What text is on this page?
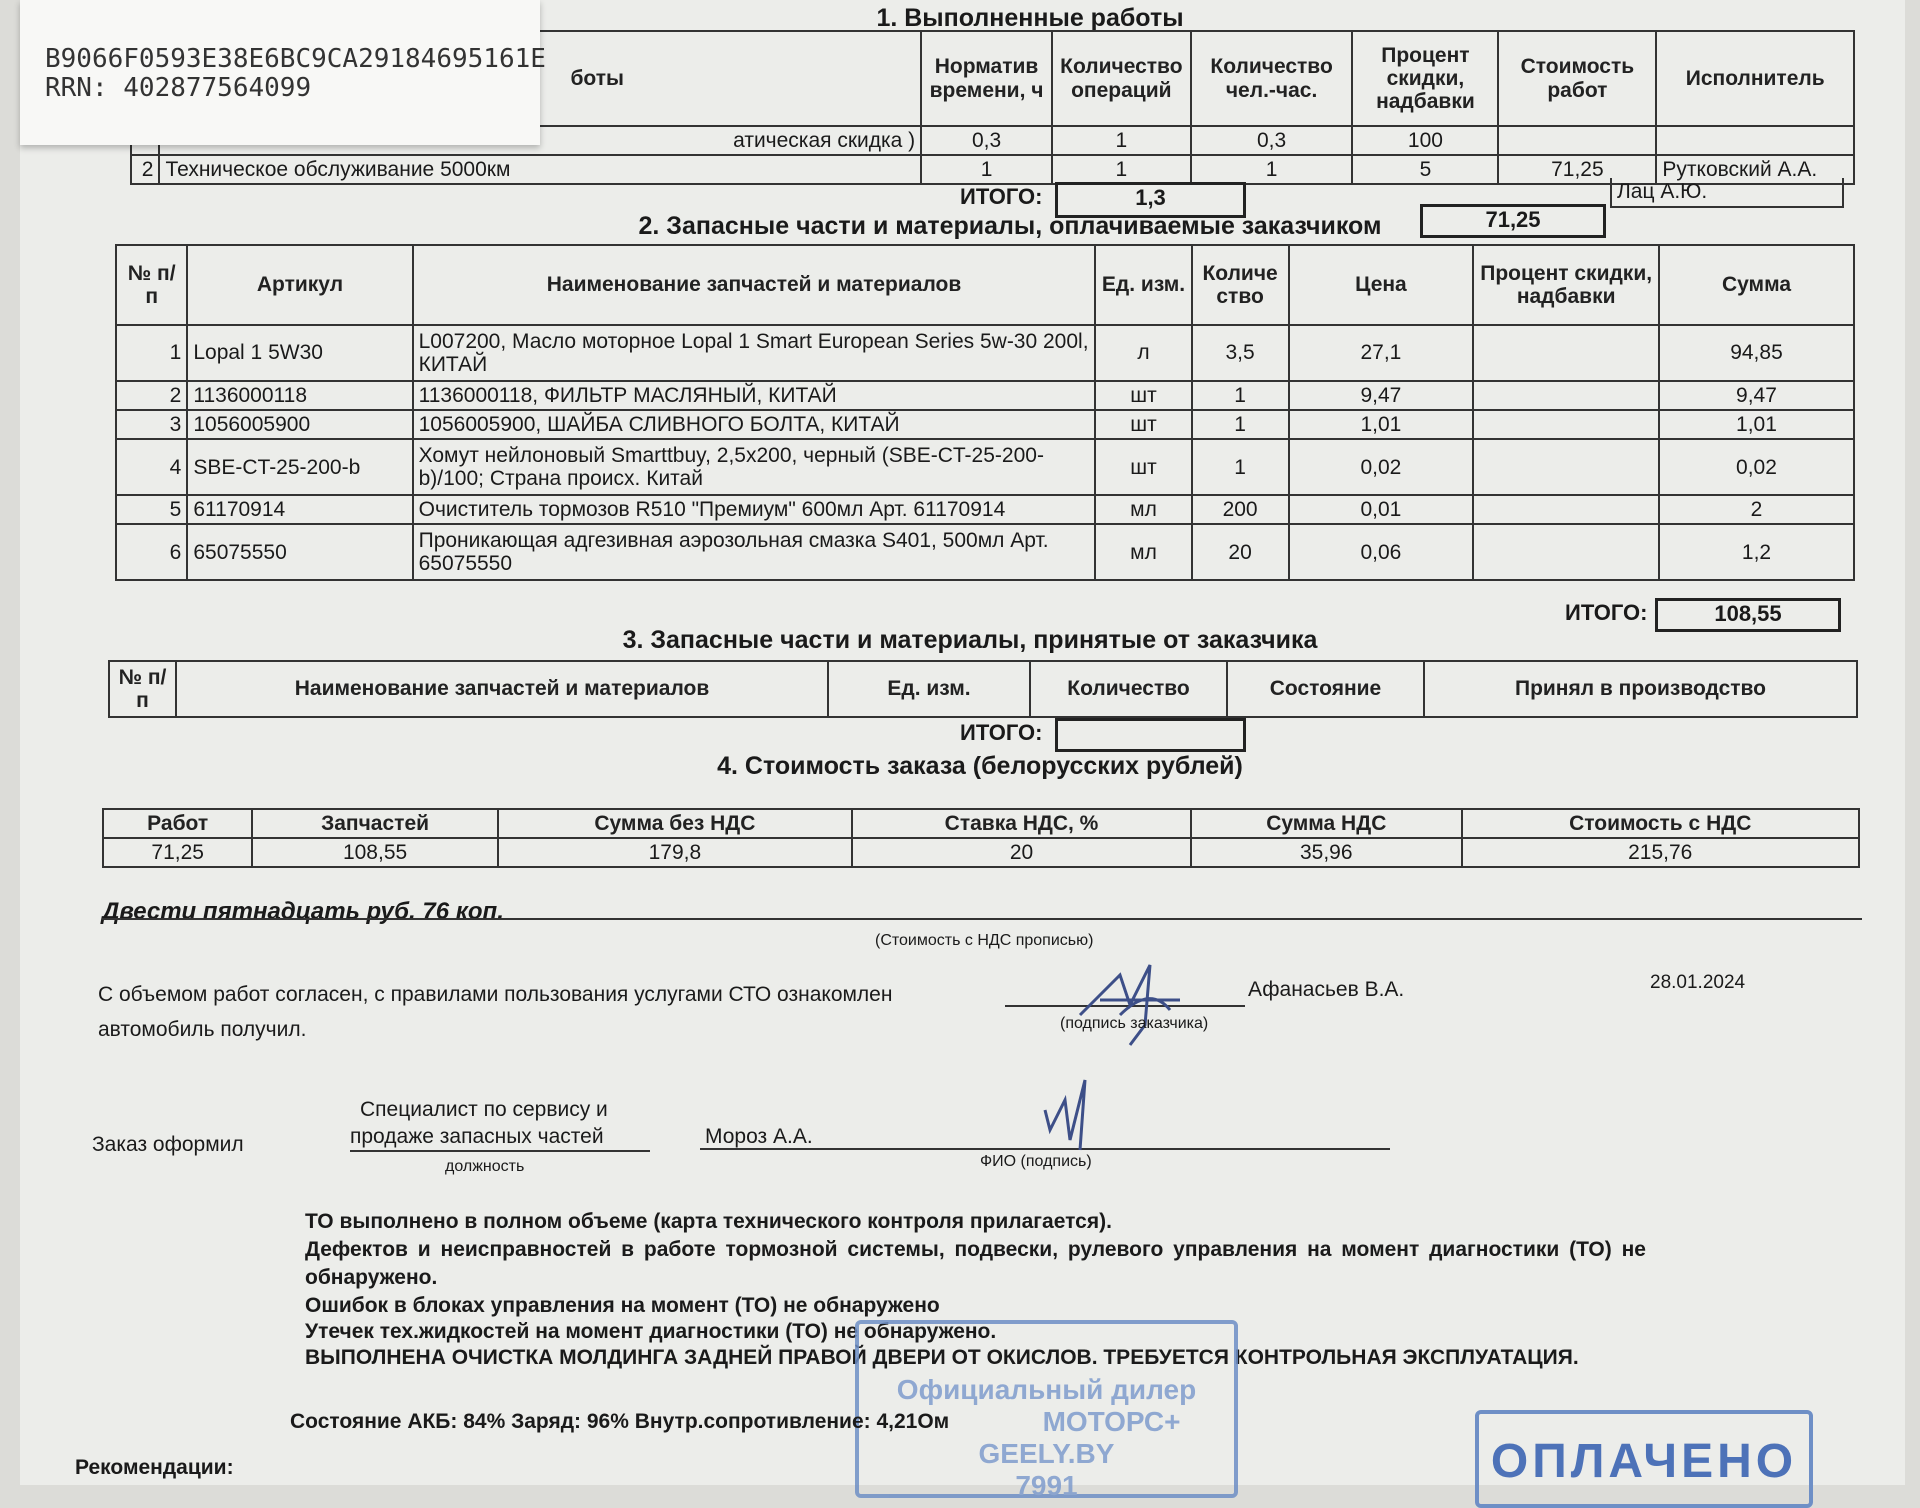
1. Выполненные работы
	боты	Норматив времени, ч	Количество операций	Количество чел.-час.	Процент скидки, надбавки	Стоимость работ	Исполнитель
	атическая скидка )	0,3	1	0,3	100		
2	Техническое обслуживание 5000км	1	1	1	5	71,25	Рутковский А.А.
Лац А.Ю.
ИТОГО:	1,3
71,25
2. Запасные части и материалы, оплачиваемые заказчиком
№ п/п	Артикул	Наименование запчастей и материалов	Ед. изм.	Количе ство	Цена	Процент скидки, надбавки	Сумма
1	Lopal 1 5W30	L007200, Масло моторное Lopal 1 Smart European Series 5w-30 200l, КИТАЙ	л	3,5	27,1		94,85
2	1136000118	1136000118, ФИЛЬТР МАСЛЯНЫЙ, КИТАЙ	шт	1	9,47		9,47
3	1056005900	1056005900, ШАЙБА СЛИВНОГО БОЛТА, КИТАЙ	шт	1	1,01		1,01
4	SBE-CT-25-200-b	Хомут нейлоновый Smarttbuy, 2,5х200, черный (SBE-CT-25-200-b)/100; Страна происх. Китай	шт	1	0,02		0,02
5	61170914	Очиститель тормозов R510 "Премиум" 600мл Арт. 61170914	мл	200	0,01		2
6	65075550	Проникающая адгезивная аэрозольная смазка S401, 500мл Арт. 65075550	мл	20	0,06		1,2
ИТОГО:	108,55
3. Запасные части и материалы, принятые от заказчика
№ п/п	Наименование запчастей и материалов	Ед. изм.	Количество	Состояние	Принял в производство
ИТОГО:
4. Стоимость заказа (белорусских рублей)
Работ	Запчастей	Сумма без НДС	Ставка НДС, %	Сумма НДС	Стоимость с НДС
71,25	108,55	179,8	20	35,96	215,76
Двести пятнадцать руб. 76 коп.
(Стоимость с НДС прописью)
С объемом работ согласен, с правилами пользования услугами СТО ознакомлен
автомобиль получил.	(подпись заказчика)
Афанасьев В.А.	28.01.2024
Заказ оформил
Специалист по сервису и
продаже запасных частей
должность
Мороз А.А.
ФИО (подпись)
ТО выполнено в полном объеме (карта технического контроля прилагается).
Дефектов и неисправностей в работе тормозной системы, подвески, рулевого управления на момент диагностики (ТО) не
обнаружено.
Ошибок в блоках управления на момент (ТО) не обнаружено
Утечек тех.жидкостей на момент диагностики (ТО) не обнаружено.
ВЫПОЛНЕНА ОЧИСТКА МОЛДИНГА ЗАДНЕЙ ПРАВОЙ ДВЕРИ ОТ ОКИСЛОВ. ТРЕБУЕТСЯ КОНТРОЛЬНАЯ ЭКСПЛУАТАЦИЯ.
Официальный дилер
МОТОРС+
GEELY.BY
7991	ОПЛАЧЕНО
Состояние АКБ: 84% Заряд: 96% Внутр.сопротивление: 4,21Ом
Рекомендации:
B9066F0593E38E6BC9CA29184695161E
RRN: 402877564099
